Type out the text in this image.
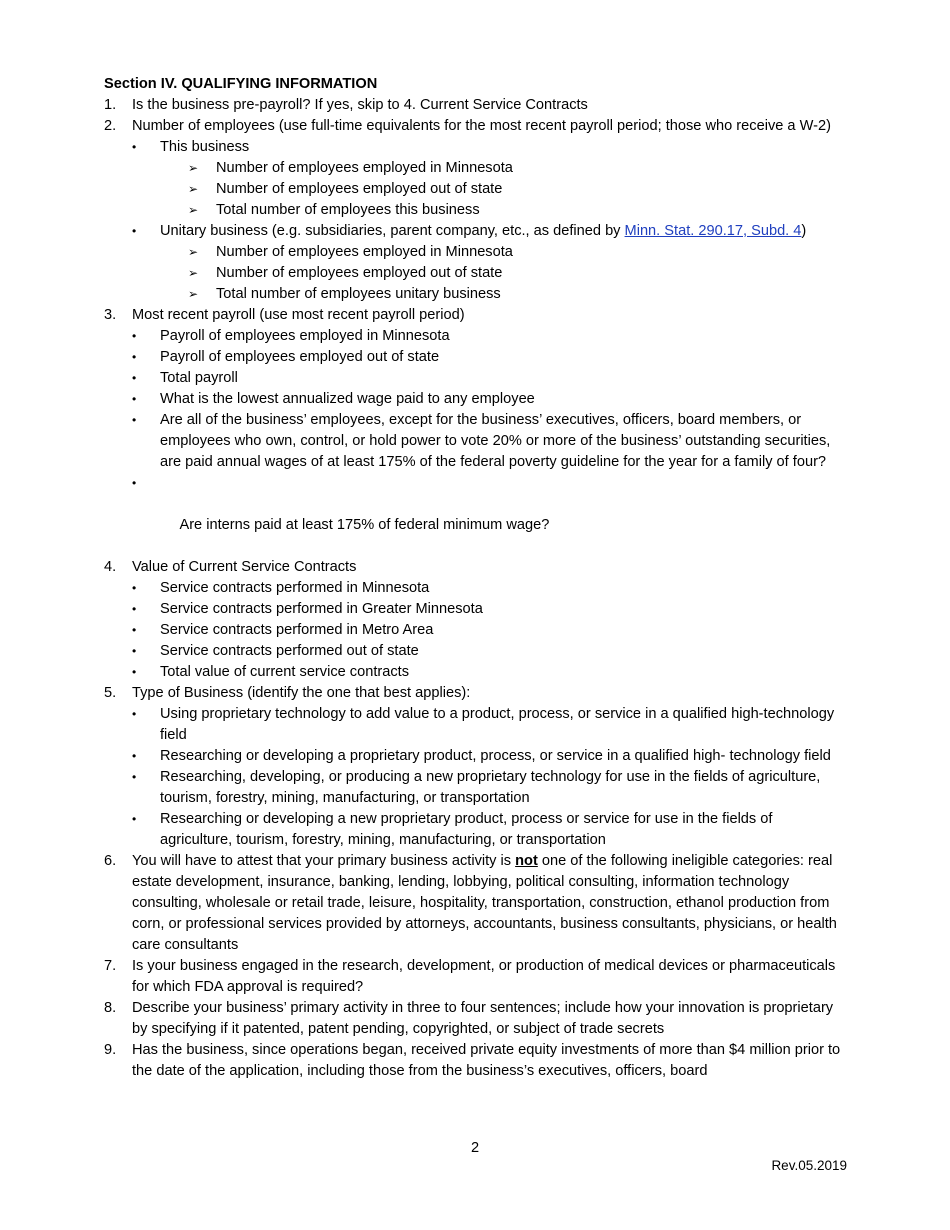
Section IV. QUALIFYING INFORMATION
1. Is the business pre-payroll? If yes, skip to 4. Current Service Contracts
2. Number of employees (use full-time equivalents for the most recent payroll period; those who receive a W-2)
• This business
➢ Number of employees employed in Minnesota
➢ Number of employees employed out of state
➢ Total number of employees this business
• Unitary business (e.g. subsidiaries, parent company, etc., as defined by Minn. Stat. 290.17, Subd. 4)
➢ Number of employees employed in Minnesota
➢ Number of employees employed out of state
➢ Total number of employees unitary business
3. Most recent payroll (use most recent payroll period)
• Payroll of employees employed in Minnesota
• Payroll of employees employed out of state
• Total payroll
• What is the lowest annualized wage paid to any employee
• Are all of the business’ employees, except for the business’ executives, officers, board members, or employees who own, control, or hold power to vote 20% or more of the business’ outstanding securities, are paid annual wages of at least 175% of the federal poverty guideline for the year for a family of four?

•

Are interns paid at least 175% of federal minimum wage?

4. Value of Current Service Contracts
• Service contracts performed in Minnesota
• Service contracts performed in Greater Minnesota
• Service contracts performed in Metro Area
• Service contracts performed out of state
• Total value of current service contracts
5. Type of Business (identify the one that best applies):
• Using proprietary technology to add value to a product, process, or service in a qualified high-technology field
• Researching or developing a proprietary product, process, or service in a qualified high- technology field
• Researching, developing, or producing a new proprietary technology for use in the fields of agriculture, tourism, forestry, mining, manufacturing, or transportation
• Researching or developing a new proprietary product, process or service for use in the fields of agriculture, tourism, forestry, mining, manufacturing, or transportation
6. You will have to attest that your primary business activity is not one of the following ineligible categories: real estate development, insurance, banking, lending, lobbying, political consulting, information technology consulting, wholesale or retail trade, leisure, hospitality, transportation, construction, ethanol production from corn, or professional services provided by attorneys, accountants, business consultants, physicians, or health care consultants
7. Is your business engaged in the research, development, or production of medical devices or pharmaceuticals for which FDA approval is required?
8. Describe your business’ primary activity in three to four sentences; include how your innovation is proprietary by specifying if it patented, patent pending, copyrighted, or subject of trade secrets
9. Has the business, since operations began, received private equity investments of more than $4 million prior to the date of the application, including those from the business’s executives, officers, board
2
Rev.05.2019
